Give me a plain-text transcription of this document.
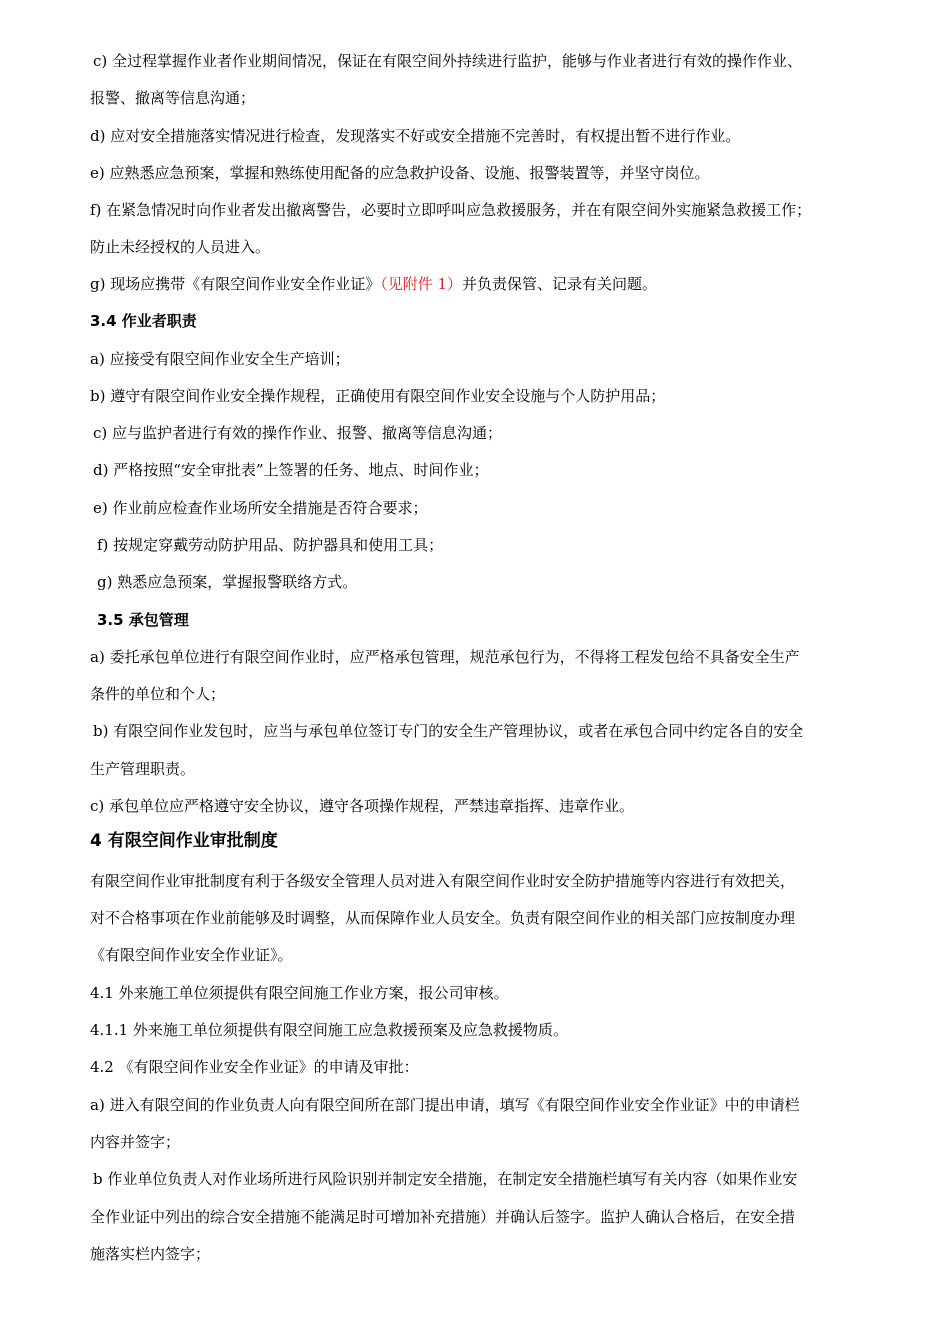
c) 全过程掌握作业者作业期间情况，保证在有限空间外持续进行监护，能够与作业者进行有效的操作作业、

报警、撤离等信息沟通；

d) 应对安全措施落实情况进行检查，发现落实不好或安全措施不完善时，有权提出暂不进行作业。

e) 应熟悉应急预案，掌握和熟练使用配备的应急救护设备、设施、报警装置等，并坚守岗位。

f) 在紧急情况时向作业者发出撤离警告，必要时立即呼叫应急救援服务，并在有限空间外实施紧急救援工作；

防止未经授权的人员进入。

g) 现场应携带《有限空间作业安全作业证》（见附件 1）并负责保管、记录有关问题。

3.4 作业者职责

a) 应接受有限空间作业安全生产培训；

b) 遵守有限空间作业安全操作规程，正确使用有限空间作业安全设施与个人防护用品；

c) 应与监护者进行有效的操作作业、报警、撤离等信息沟通；

d) 严格按照“安全审批表”上签署的任务、地点、时间作业；

e) 作业前应检查作业场所安全措施是否符合要求；

f) 按规定穿戴劳动防护用品、防护器具和使用工具；

g) 熟悉应急预案，掌握报警联络方式。

3.5 承包管理

a) 委托承包单位进行有限空间作业时，应严格承包管理，规范承包行为，不得将工程发包给不具备安全生产

条件的单位和个人；

b) 有限空间作业发包时，应当与承包单位签订专门的安全生产管理协议，或者在承包合同中约定各自的安全

生产管理职责。

c) 承包单位应严格遵守安全协议，遵守各项操作规程，严禁违章指挥、违章作业。

4 有限空间作业审批制度

有限空间作业审批制度有利于各级安全管理人员对进入有限空间作业时安全防护措施等内容进行有效把关，

对不合格事项在作业前能够及时调整，从而保障作业人员安全。负责有限空间作业的相关部门应按制度办理

《有限空间作业安全作业证》。

4.1 外来施工单位须提供有限空间施工作业方案，报公司审核。

4.1.1 外来施工单位须提供有限空间施工应急救援预案及应急救援物质。

4.2 《有限空间作业安全作业证》的申请及审批：

a) 进入有限空间的作业负责人向有限空间所在部门提出申请，填写《有限空间作业安全作业证》中的申请栏

内容并签字；

b 作业单位负责人对作业场所进行风险识别并制定安全措施，在制定安全措施栏填写有关内容（如果作业安

全作业证中列出的综合安全措施不能满足时可增加补充措施）并确认后签字。监护人确认合格后，在安全措

施落实栏内签字；
